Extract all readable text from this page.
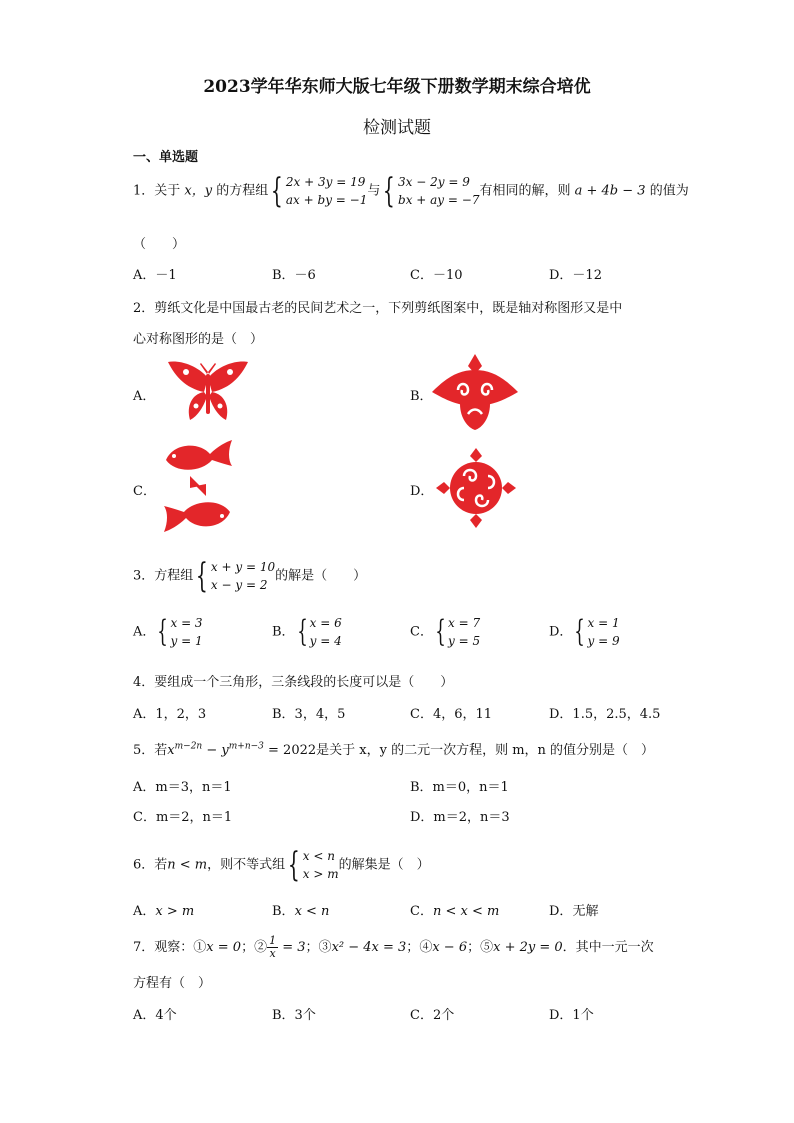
2023学年华东师大版七年级下册数学期末综合培优
检测试题
一、单选题
1．关于 x，y 的方程组 { 2x + 3y = 19
ax + by = −1
与 { 3x − 2y = 9
bx + ay = −7
有相同的解，则 a + 4b − 3 的值为
（　　）
A．－1	B．－6	C．－10	D．－12
2．剪纸文化是中国最古老的民间艺术之一，下列剪纸图案中，既是轴对称图形又是中
心对称图形的是（　）
A．	B．
C．	D．
3．方程组 { x + y = 10
x − y = 2
的解是（　　）
A． { x = 3
y = 1
B． { x = 6
y = 4
C． { x = 7
y = 5
D． { x = 1
y = 9
4．要组成一个三角形，三条线段的长度可以是（　　）
A．1，2，3	B．3，4，5	C．4，6，11	D．1.5，2.5，4.5
5．若$x^{m-2n} - y^{m+n-3} = 2022$是关于 x，y 的二元一次方程，则 m，n 的值分别是（　）
A．m＝3，n＝1	B．m＝0，n＝1
C．m＝2，n＝1	D．m＝2，n＝3
6．若n < m，则不等式组 { x < n
x > m
的解集是（　）
A．x > m	B．x < n	C．n < x < m	D．无解
7．观察：①x = 0；② $\frac{1}{x} = 3$；③x² − 4x = 3；④x − 6；⑤x + 2y = 0．其中一元一次
方程有（　）
A．4个	B．3个	C．2个	D．1个
